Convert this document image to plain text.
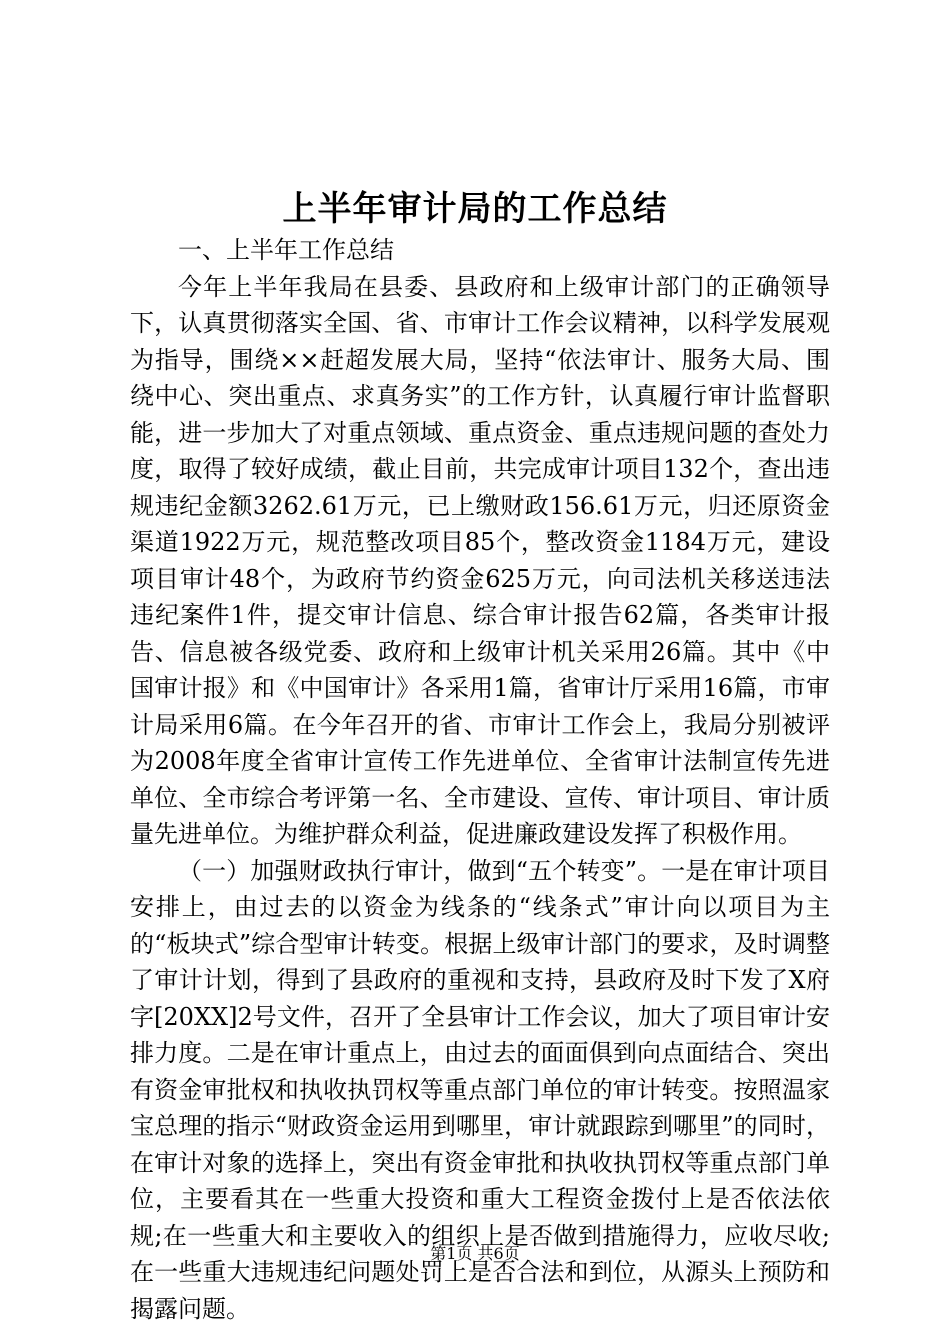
上半年审计局的工作总结

一、上半年工作总结

今年上半年我局在县委、县政府和上级审计部门的正确领导下，认真贯彻落实全国、省、市审计工作会议精神，以科学发展观为指导，围绕××赶超发展大局，坚持“依法审计、服务大局、围绕中心、突出重点、求真务实”的工作方针，认真履行审计监督职能，进一步加大了对重点领域、重点资金、重点违规问题的查处力度，取得了较好成绩，截止目前，共完成审计项目132个，查出违规违纪金额3262.61万元，已上缴财政156.61万元，归还原资金渠道1922万元，规范整改项目85个，整改资金1184万元，建设项目审计48个，为政府节约资金625万元，向司法机关移送违法违纪案件1件，提交审计信息、综合审计报告62篇，各类审计报告、信息被各级党委、政府和上级审计机关采用26篇。其中《中国审计报》和《中国审计》各采用1篇，省审计厅采用16篇，市审计局采用6篇。在今年召开的省、市审计工作会上，我局分别被评为2008年度全省审计宣传工作先进单位、全省审计法制宣传先进单位、全市综合考评第一名、全市建设、宣传、审计项目、审计质量先进单位。为维护群众利益，促进廉政建设发挥了积极作用。

（一）加强财政执行审计，做到“五个转变”。一是在审计项目安排上，由过去的以资金为线条的“线条式”审计向以项目为主的“板块式”综合型审计转变。根据上级审计部门的要求，及时调整了审计计划，得到了县政府的重视和支持，县政府及时下发了X府字[20XX]2号文件，召开了全县审计工作会议，加大了项目审计安排力度。二是在审计重点上，由过去的面面俱到向点面结合、突出有资金审批权和执收执罚权等重点部门单位的审计转变。按照温家宝总理的指示“财政资金运用到哪里，审计就跟踪到哪里”的同时，在审计对象的选择上，突出有资金审批和执收执罚权等重点部门单位，主要看其在一些重大投资和重大工程资金拨付上是否依法依规;在一些重大和主要收入的组织上是否做到措施得力，应收尽收;在一些重大违规违纪问题处罚上是否合法和到位，从源头上预防和揭露问题。

第1页 共6页
